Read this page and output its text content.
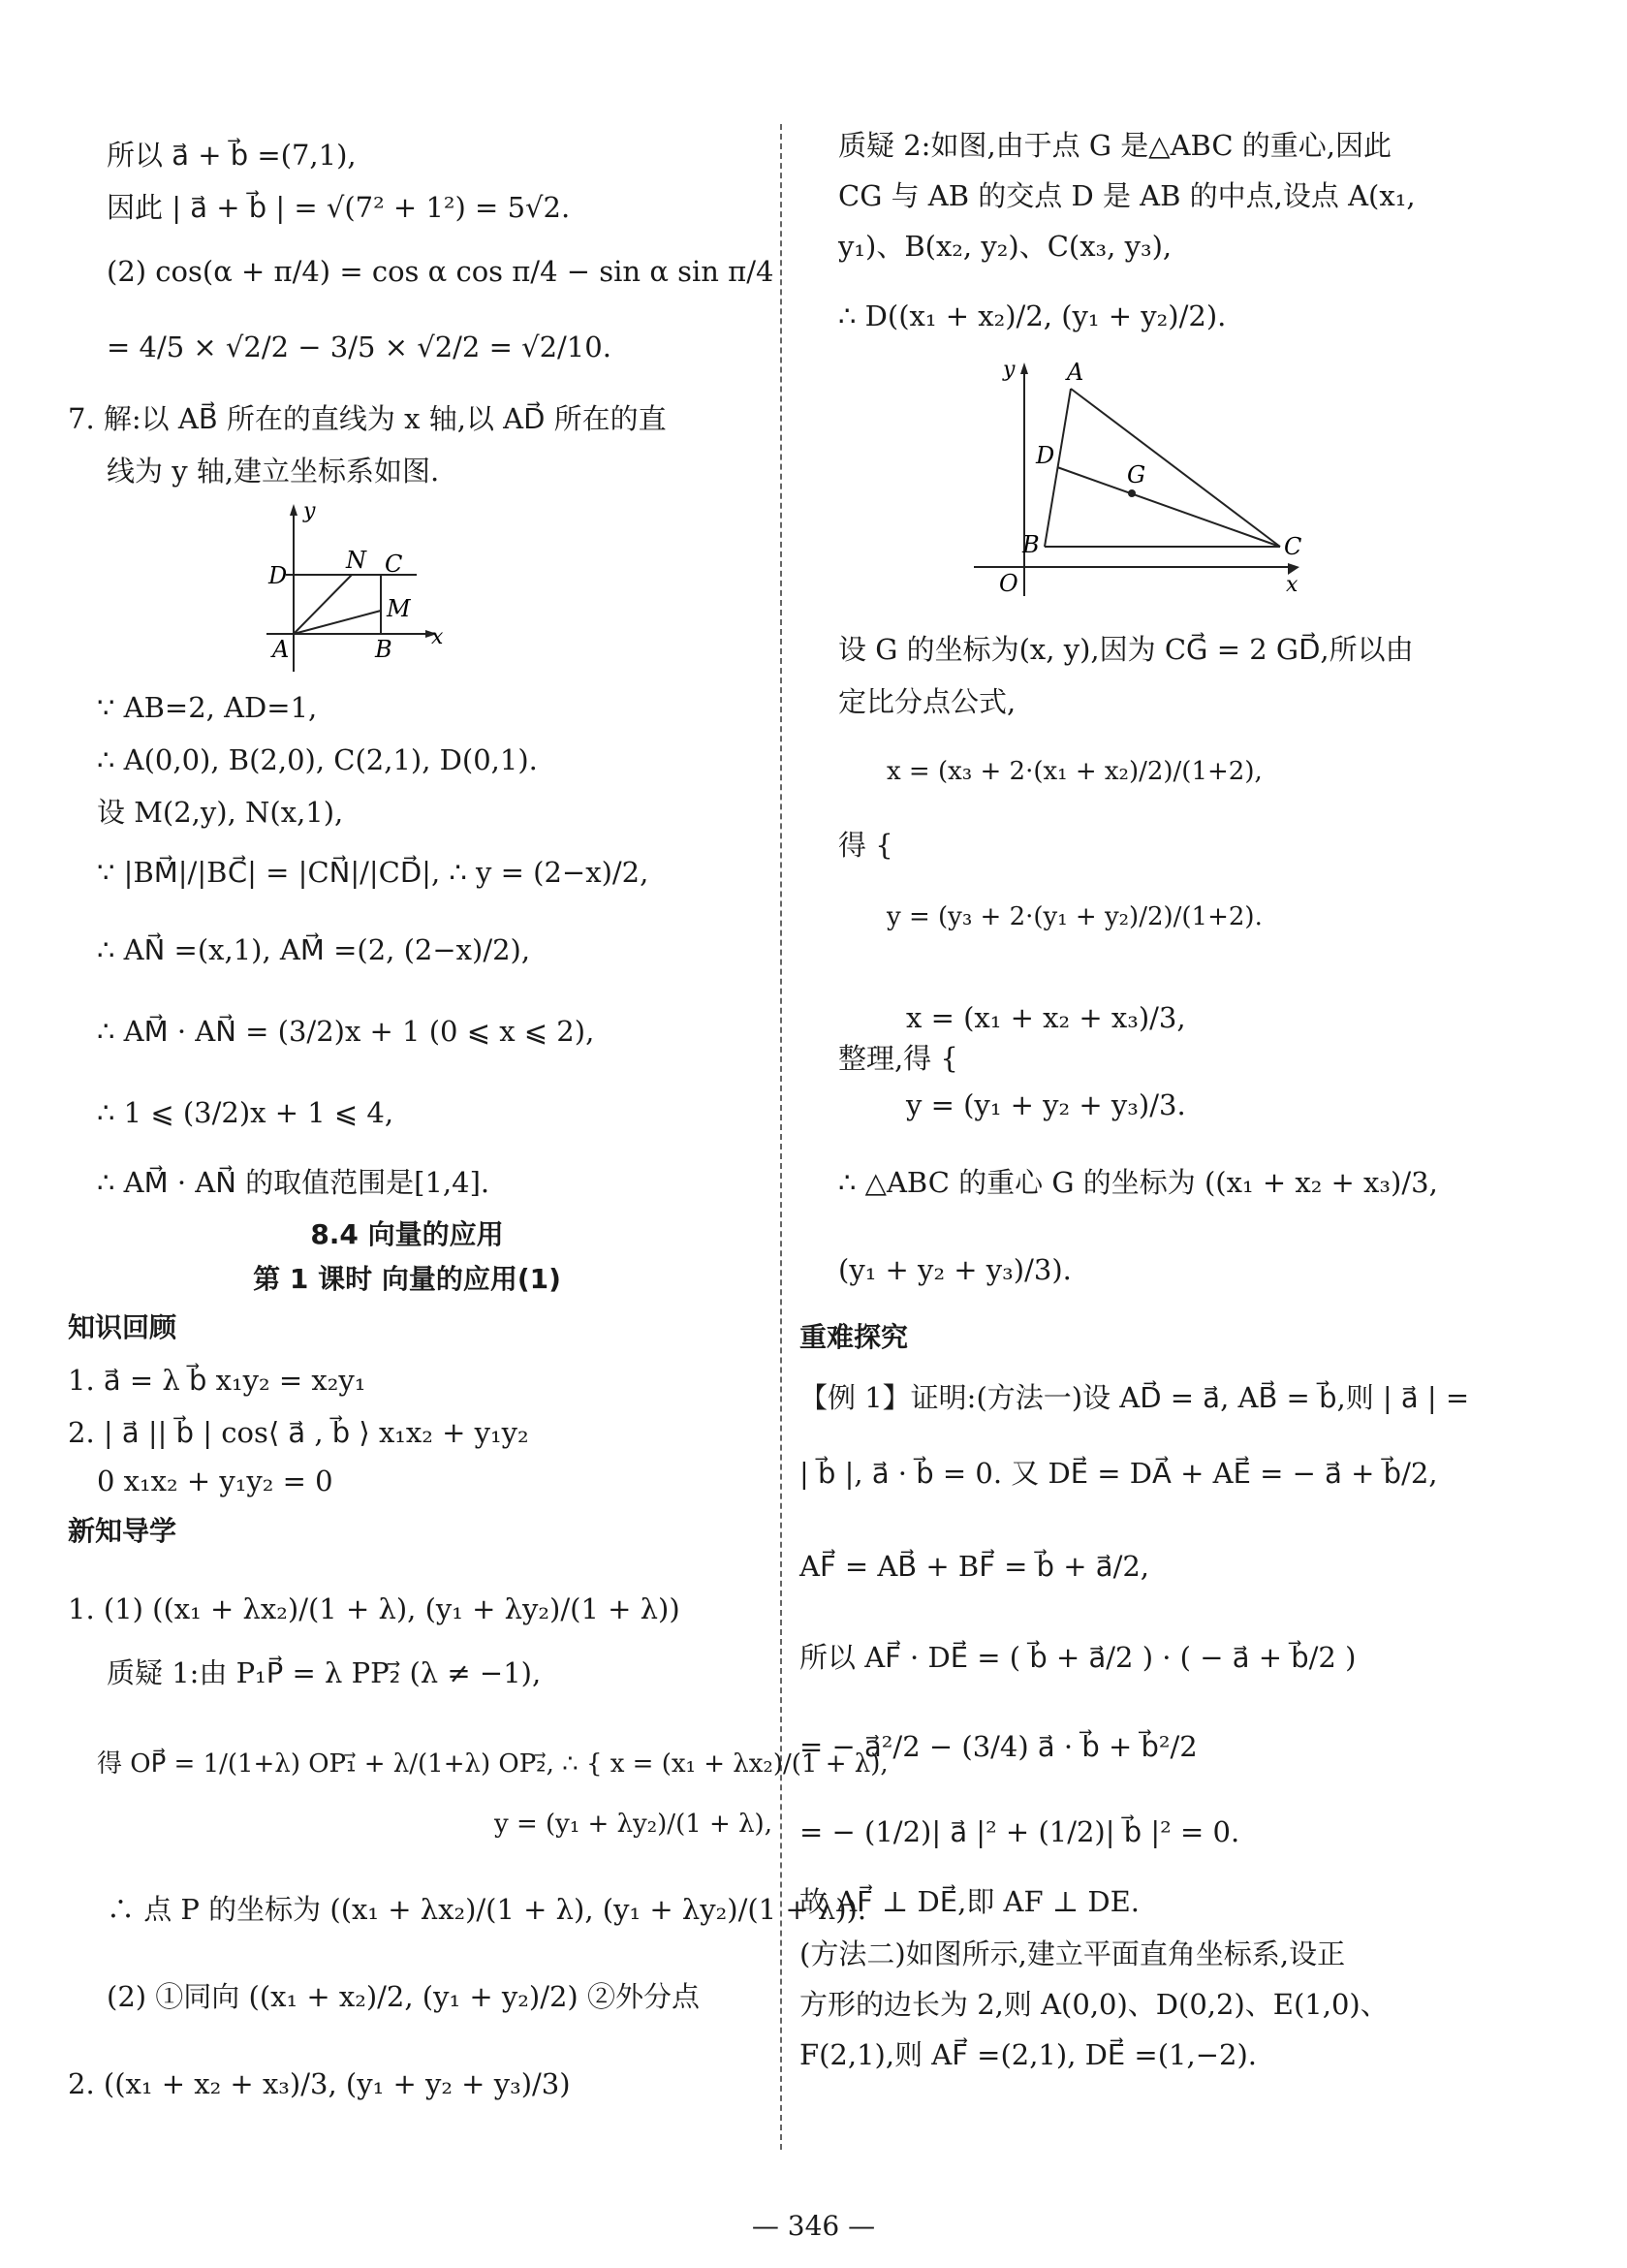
所以 a⃗ + b⃗ =(7,1),
因此 | a⃗ + b⃗ | = √(7² + 1²) = 5√2.
(2) cos(α + π/4) = cos α cos π/4 − sin α sin π/4
= 4/5 × √2/2 − 3/5 × √2/2 = √2/10.
7. 解:以 AB⃗ 所在的直线为 x 轴,以 AD⃗ 所在的直
线为 y 轴,建立坐标系如图.
y
x
D
N C
M
A	B
∵ AB=2, AD=1,
∴ A(0,0), B(2,0), C(2,1), D(0,1).
设 M(2,y), N(x,1),
∵ |BM⃗|/|BC⃗| = |CN⃗|/|CD⃗|, ∴ y = (2−x)/2,
∴ AN⃗ =(x,1), AM⃗ =(2, (2−x)/2),
∴ AM⃗ · AN⃗ = (3/2)x + 1 (0 ⩽ x ⩽ 2),
∴ 1 ⩽ (3/2)x + 1 ⩽ 4,
∴ AM⃗ · AN⃗ 的取值范围是[1,4].
8.4 向量的应用
第 1 课时 向量的应用(1)
知识回顾
1. a⃗ = λ b⃗ x₁y₂ = x₂y₁
2. | a⃗ || b⃗ | cos⟨ a⃗ , b⃗ ⟩ x₁x₂ + y₁y₂
0 x₁x₂ + y₁y₂ = 0
新知导学
1. (1) ((x₁ + λx₂)/(1 + λ), (y₁ + λy₂)/(1 + λ))
质疑 1:由 P₁P⃗ = λ PP₂⃗ (λ ≠ −1),
得 OP⃗ = 1/(1+λ) OP₁⃗ + λ/(1+λ) OP₂⃗, ∴ { x = (x₁ + λx₂)/(1 + λ),
y = (y₁ + λy₂)/(1 + λ),
∴ 点 P 的坐标为 ((x₁ + λx₂)/(1 + λ), (y₁ + λy₂)/(1 + λ)).
(2) ①同向 ((x₁ + x₂)/2, (y₁ + y₂)/2) ②外分点
2. ((x₁ + x₂ + x₃)/3, (y₁ + y₂ + y₃)/3)
质疑 2:如图,由于点 G 是△ABC 的重心,因此
CG 与 AB 的交点 D 是 AB 的中点,设点 A(x₁,
y₁)、B(x₂, y₂)、C(x₃, y₃),
∴ D((x₁ + x₂)/2, (y₁ + y₂)/2).
y
x
O
A
D
G
B	C
设 G 的坐标为(x, y),因为 CG⃗ = 2 GD⃗,所以由
定比分点公式,
x = (x₃ + 2·(x₁ + x₂)/2)/(1+2),
得 {
y = (y₃ + 2·(y₁ + y₂)/2)/(1+2).
x = (x₁ + x₂ + x₃)/3,
整理,得 {
y = (y₁ + y₂ + y₃)/3.
∴ △ABC 的重心 G 的坐标为 ((x₁ + x₂ + x₃)/3,
(y₁ + y₂ + y₃)/3).
重难探究
【例 1】证明:(方法一)设 AD⃗ = a⃗, AB⃗ = b⃗,则 | a⃗ | =
| b⃗ |, a⃗ · b⃗ = 0. 又 DE⃗ = DA⃗ + AE⃗ = − a⃗ + b⃗/2,
AF⃗ = AB⃗ + BF⃗ = b⃗ + a⃗/2,
所以 AF⃗ · DE⃗ = ( b⃗ + a⃗/2 ) · ( − a⃗ + b⃗/2 )
= − a⃗²/2 − (3/4) a⃗ · b⃗ + b⃗²/2
= − (1/2)| a⃗ |² + (1/2)| b⃗ |² = 0.
故 AF⃗ ⊥ DE⃗,即 AF ⊥ DE.
(方法二)如图所示,建立平面直角坐标系,设正
方形的边长为 2,则 A(0,0)、D(0,2)、E(1,0)、
F(2,1),则 AF⃗ =(2,1), DE⃗ =(1,−2).
— 346 —
